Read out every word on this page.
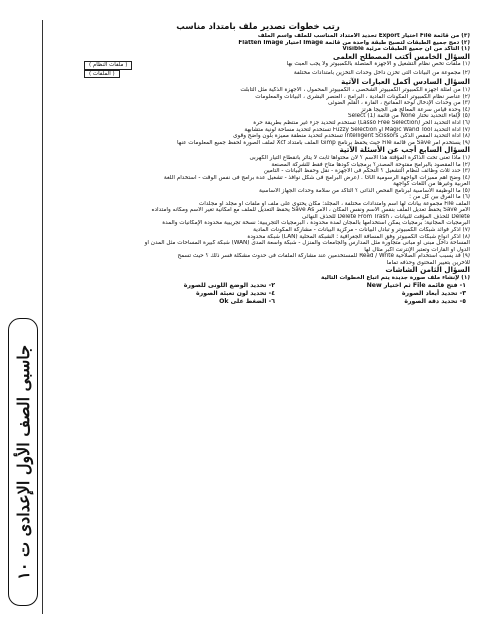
جاسبى الصف الأول الإعدادى ت ١٠
رتب خطوات تصدير ملف بامتداد مناسب
(٣) من قائمة File اختيار Export تحديد الامتداد المناسب للملف واسم الملف
(٢) دمج جميع الطبقات لتصبح طبقة واحدة من قائمة Image اختيار Flatten Image
(١) التأكد من أن جميع الطبقات مرئية Visible
السؤال الخامس أكتب المصطلح العلمى
(١) ملفات تخص نظام التشغيل و الأجهزة المتصلة بالكمبيوتر ولا يجب العبث بها
( ملفات النظام )
(٢) مجموعة من البيانات التى تخزن داخل وحدات التخزين بامتدادات مختلفة
( الملفات )
السؤال السادس أكمل العبارات الآتية
(١) من أمثلة أجهزة الكمبيوتر الكمبيوتر الشخصى ، الكمبيوتر المحمول ، الأجهزة الذكية مثل التابلت
(٢) عناصر نظام الكمبيوتر المكونات المادية ، البرامج ، العنصر البشرى ، البيانات والمعلومات
(٣) من وحدات الإدخال لوحة المفاتيح ، الفأرة ، القلم الضوئى
(٤) وحدة قياس سرعة المعالج هى الجيجا هرتز
(٥) لإلغاء التحديد نختار None من قائمة (Select (1
(٦) أداة التحديد الحر (Lasso Free Selection) تستخدم لتحديد جزء غير منتظم بطريقة حرة
(٧) أداة التحديد Magic Wand Tool أو Fuzzy Selection تستخدم لتحديد مساحة لونية متشابهة
(٨) أداة التحديد المقص الذكى Intelligent Scissors تستخدم لتحديد منطقة مميزة بلون واضح وقوى
(٩) يستخدم أمر Save من قائمة File حيث يحفظ برنامج Gimp الملف بامتداد Xcf لملف الصورة لحفظ جميع المعلومات عنها
السؤال السابع أجب عن الأسئلة الآتية
(١) ماذا تعنى تحت الذاكرة المؤقتة هذا الاسم ؟ لأن محتواها ثابت لا يتأثر بانقطاع التيار الكهربى
(٢) ما المقصود بالبرامج مفتوحة المصدر؟ برمجيات كودها متاح فقط للشركة المصنعة
(٣) حدد ثلاث وظائف لنظام التشغيل ؟ التحكم فى الأجهزة - نقل وحفظ البيانات - التأمين
(٤) وضح أهم مميزات الواجهة الرسومية GUI . (عرض البرامج فى شكل نوافذ - تشغيل عدة برامج فى نفس الوقت - استخدام اللغة
العربية وغيرها من اللغات كواجهة
(٥) ما الوظيفة الأساسية لبرنامج الفحص الذاتى ؟ التأكد من سلامة وحدات الجهاز الأساسية
(٦) ما الفرق بين كل من :
الملف File مجموعة بيانات لها اسم وامتدادات مختلفة ، المجلد: مكان يحتوى على ملف أو ملفات أو مجلد أو مجلدات
الأمر Save يحفظ تعديل الملف بنفس الاسم ونفس المكان ، الأمر Save As يحفظ التعديل للملف مع امكانية تغير الاسم ومكانه وامتداده
Delete للحذف المؤقت للبيانات ، Delete From Trash للحذف النهائى
البرمجيات المجانية: برمجيات يمكن استخدامها بالمجان لمدة محدودة ، البرمجيات التجريبية: نسخة تجريبية محدودة الإمكانيات والمدة
(٧) أذكر فوائد شبكات الكمبيوتر و تبادل البيانات - مركزية البيانات - مشاركة المكونات المادية
(٨) أذكر أنواع شبكات الكمبيوتر وفق المسافة الجغرافية : الشبكة المحلية (LAN) شبكة محدودة
المساحة داخل مبنى أو مبانى متجاورة مثل المدارس والجامعات والمنزل - شبكة واسعة المدى (WAN) شبكة كبيرة المساحات مثل المدن أو
الدول أو القارات وتعتبر الإنترنت أكبر مثال لها
(٩) قد يسبب استخدام الصلاحية Read / Write للمستخدمين عند مشاركة الملفات فى حدوث مشكلة فسر ذلك ؟ حيث تسمح
للآخرين بتغيير المحتوى وحذفه تماما
السؤال الثامن الشاشات
(١) لإنشاء ملف صورة جديدة يتم اتباع الخطوات التالية
١- فتح قائمة File ثم اختيار New
٢- تحديد الوضع اللونى للصورة
٣- تحديد أبعاد الصورة
٤- تحديد لون تعبئة الصورة
٥- تحديد دقة الصورة
٦- الضغط على Ok
